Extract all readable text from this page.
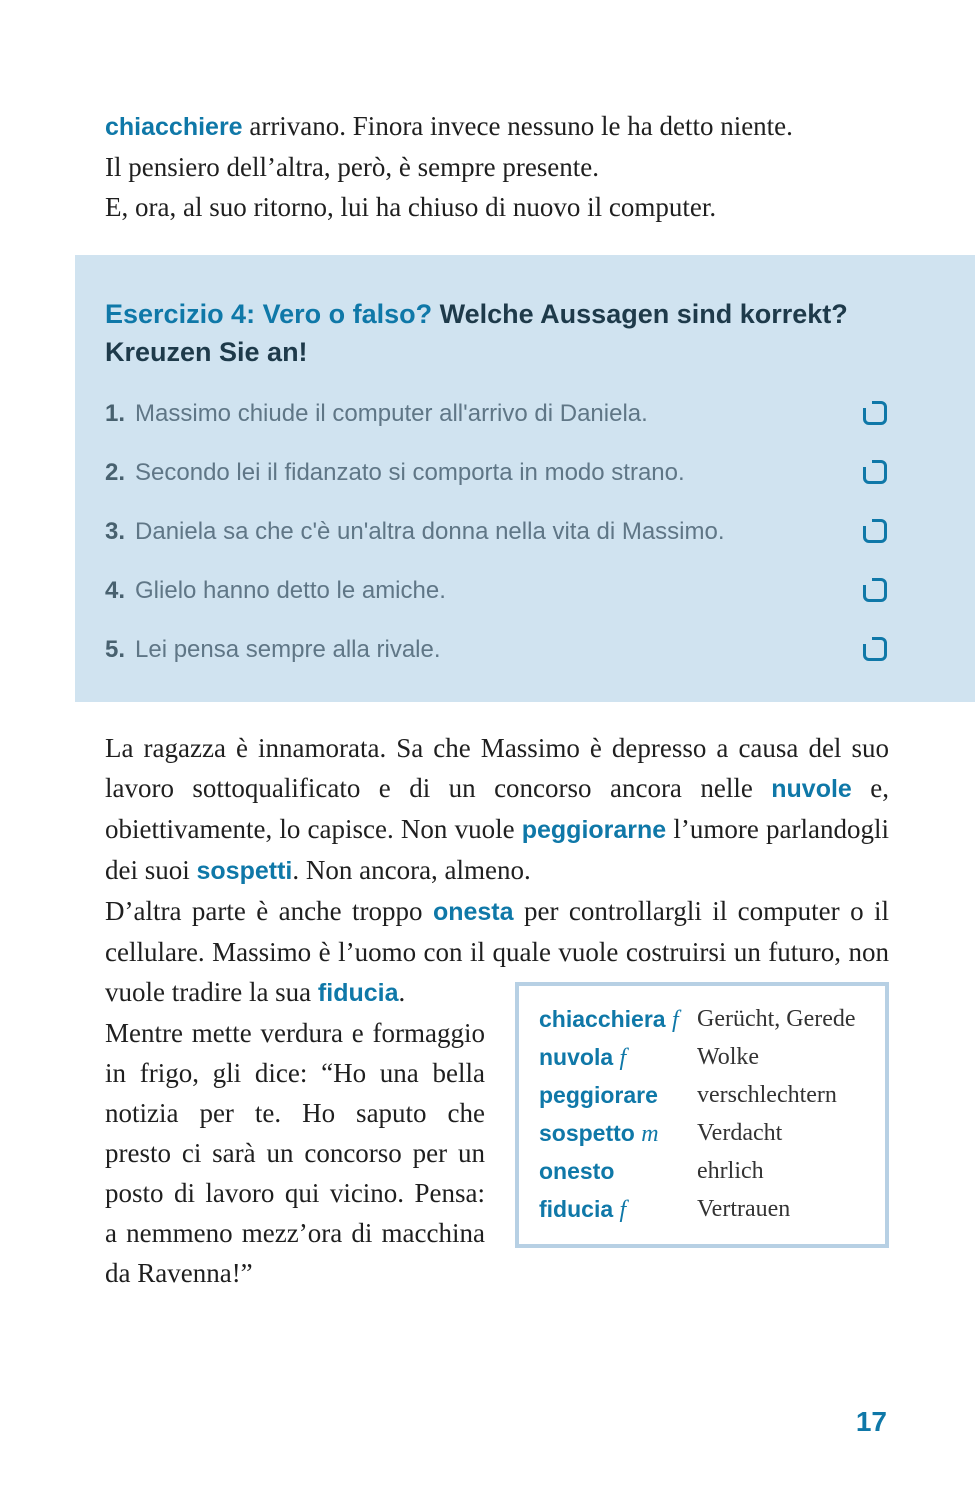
chiacchiere arrivano. Finora invece nessuno le ha detto niente.

Il pensiero dell’altra, però, è sempre presente.

E, ora, al suo ritorno, lui ha chiuso di nuovo il computer.

Esercizio 4: Vero o falso? Welche Aussagen sind korrekt? Kreuzen Sie an!
1. Massimo chiude il computer all'arrivo di Daniela.
2. Secondo lei il fidanzato si comporta in modo strano.
3. Daniela sa che c'è un'altra donna nella vita di Massimo.
4. Glielo hanno detto le amiche.
5. Lei pensa sempre alla rivale.

La ragazza è innamorata. Sa che Massimo è depresso a causa del suo lavoro sottoqualificato e di un concorso ancora nelle nuvole e, obiettivamente, lo capisce. Non vuole peggiorarne l’umore parlandogli dei suoi sospetti. Non ancora, almeno.

D’altra parte è anche troppo onesta per controllargli il computer o il cellulare. Massimo è l’uomo con il quale vuole
chiacchiera f Gerücht, Gerede
nuvola f	Wolke
peggiorare	verschlechtern
sospetto m	Verdacht
onesto	ehrlich
fiducia f	Vertrauen
costruirsi un futuro, non vuole tradire la sua fiducia.

Mentre mette verdura e formaggio in frigo, gli dice: “Ho una bella notizia per te. Ho saputo che presto ci sarà un concorso per un posto di lavoro qui vicino. Pensa: a nemmeno mezz’ora di macchina da Ravenna!”

17
